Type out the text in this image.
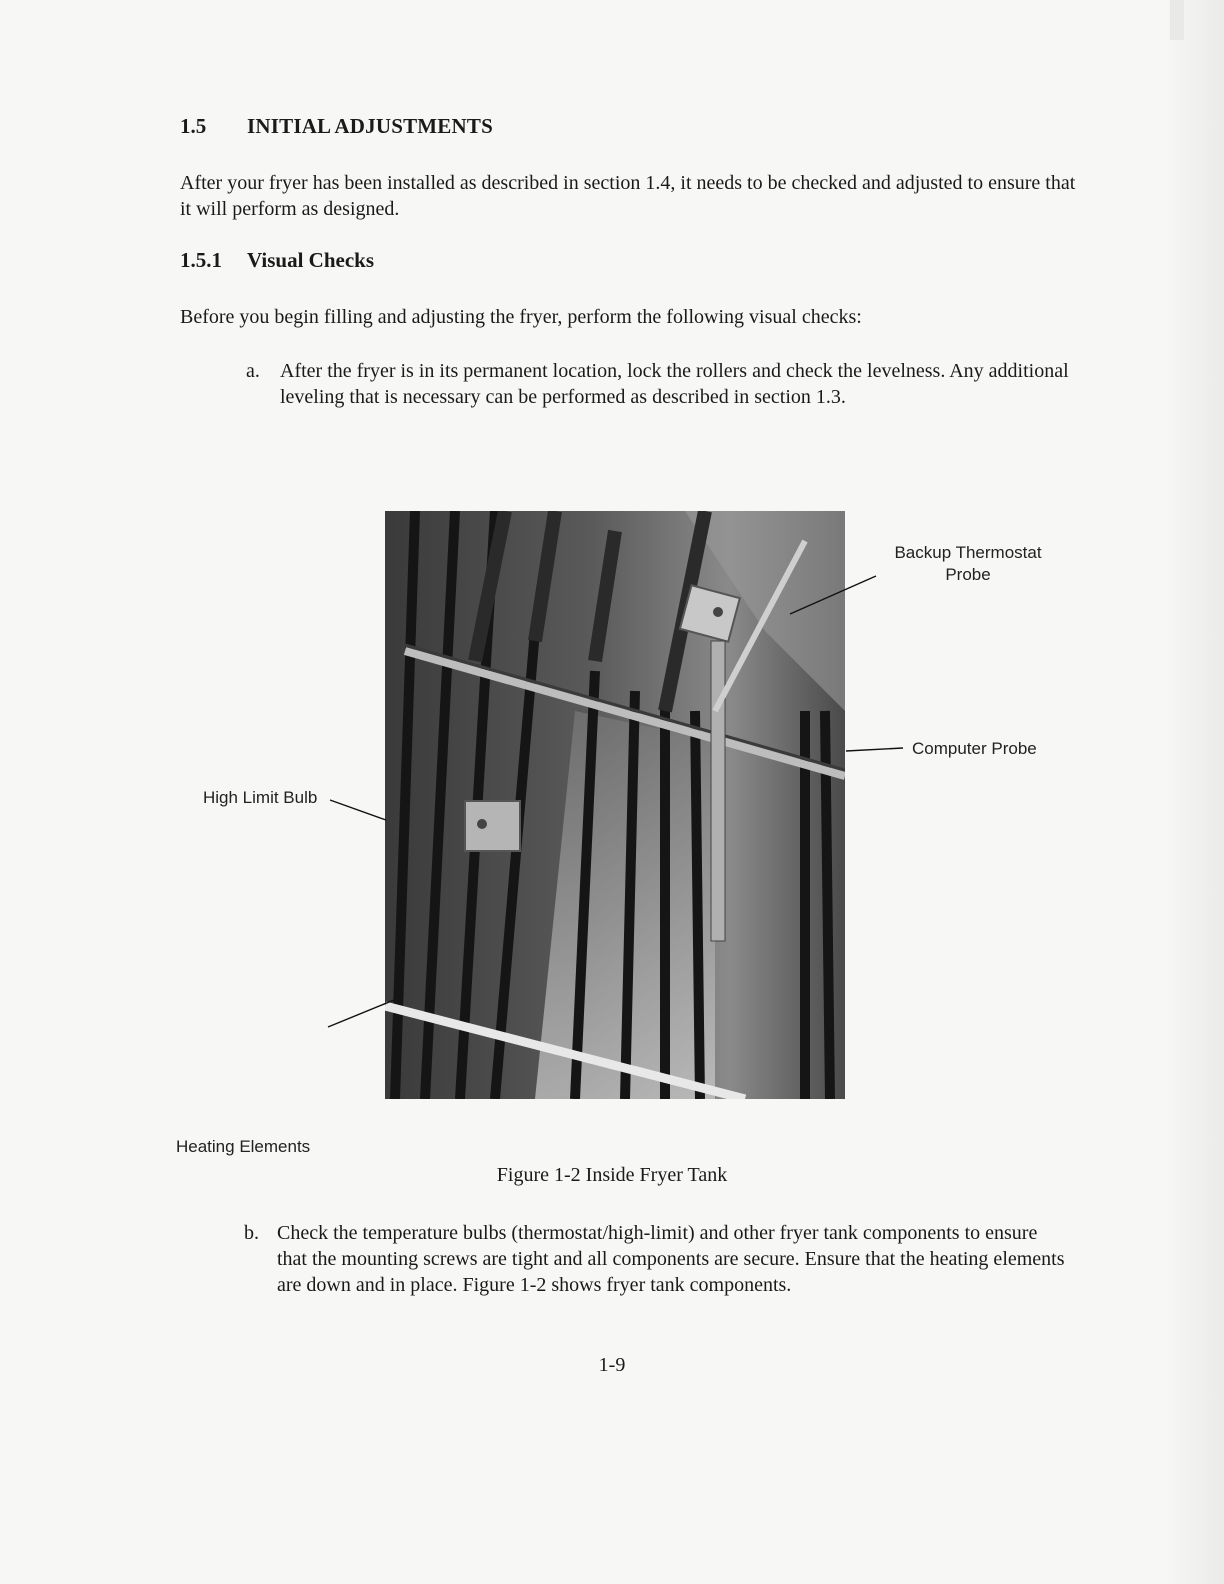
1.5 INITIAL ADJUSTMENTS

After your fryer has been installed as described in section 1.4, it needs to be checked and adjusted to ensure that it will perform as designed.

1.5.1 Visual Checks

Before you begin filling and adjusting the fryer, perform the following visual checks:

a. After the fryer is in its permanent location, lock the rollers and check the levelness. Any additional leveling that is necessary can be performed as described in section 1.3.

Backup Thermostat
Probe
Computer Probe
High Limit Bulb
Heating Elements
Figure 1-2 Inside Fryer Tank
b. Check the temperature bulbs (thermostat/high-limit) and other fryer tank components to ensure that the mounting screws are tight and all components are secure. Ensure that the heating elements are down and in place. Figure 1-2 shows fryer tank components.

1-9
